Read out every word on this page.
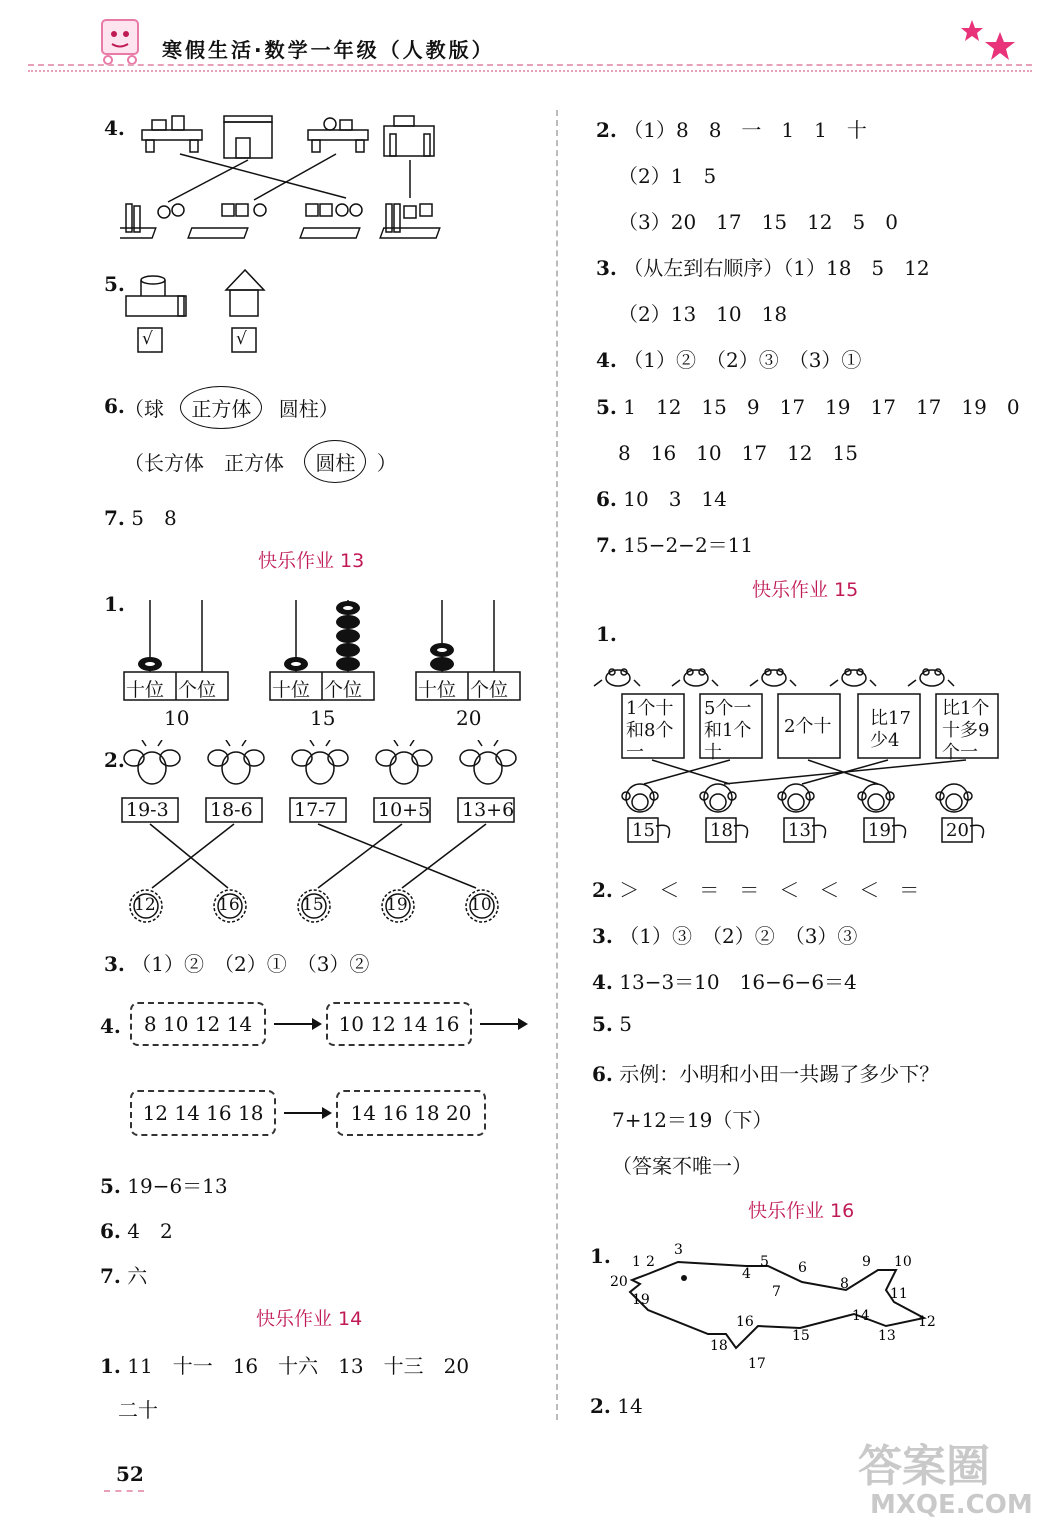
寒假生活·数学一年级（人教版）
4.
5.
√	√
6. （球 正方体 圆柱）
（长方体　正方体 圆柱 ）
7. 5　8
快乐作业 13
1.
十位 个位	十位 个位	十位 个位
10	15	20
2.
19-3 18-6 17-7 10+5 13+6
12	16	15	19	10
3. （1）②　（2）①　（3）②
4.	8 10 12 14	10 12 14 16
12 14 16 18	14 16 18 20
5. 19−6＝13
6. 4　2
7. 六
快乐作业 14
1. 11　十一　16　十六　13　十三　20
二十
2. （1）8　8　一　1　1　十
（2）1　5
（3）20　17　15　12　5　0
3. （从左到右顺序）（1）18　5　12
（2）13　10　18
4. （1）②　（2）③　（3）①
5. 1　12　15　9　17　19　17　17　19　0
8　16　10　17　12　15
6. 10　3　14
7. 15−2−2＝11
快乐作业 15
1.
1个十
和8个
一
5个一
和1个
十
2个十 比17
少4
比1个
十多9
个一
15	18	13	19	20
2. ＞　＜　＝　＝　＜　＜　＜　＝
3. （1）③　（2）②　（3）③
4. 13−3＝10　16−6−6＝4
5. 5
6. 示例：小明和小田一共踢了多少下？
7+12＝19（下）
（答案不唯一）
快乐作业 16
1. 1 2
3
4
5 6
7	8
9 10
11
12
13
14
15
16
17
18
19
20
2. 14
52	答案圈
MXQE.COM
